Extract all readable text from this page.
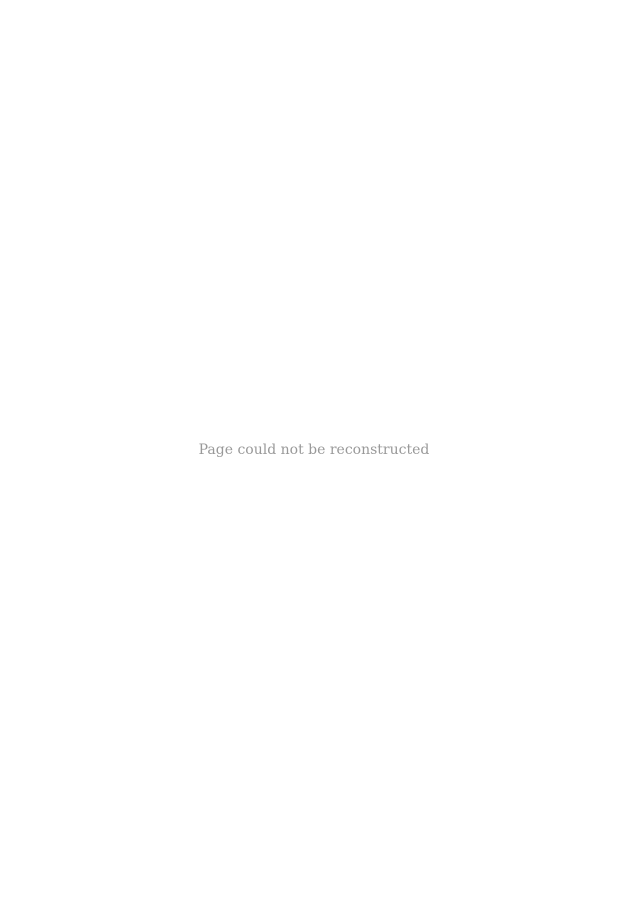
Page could not be reconstructed
